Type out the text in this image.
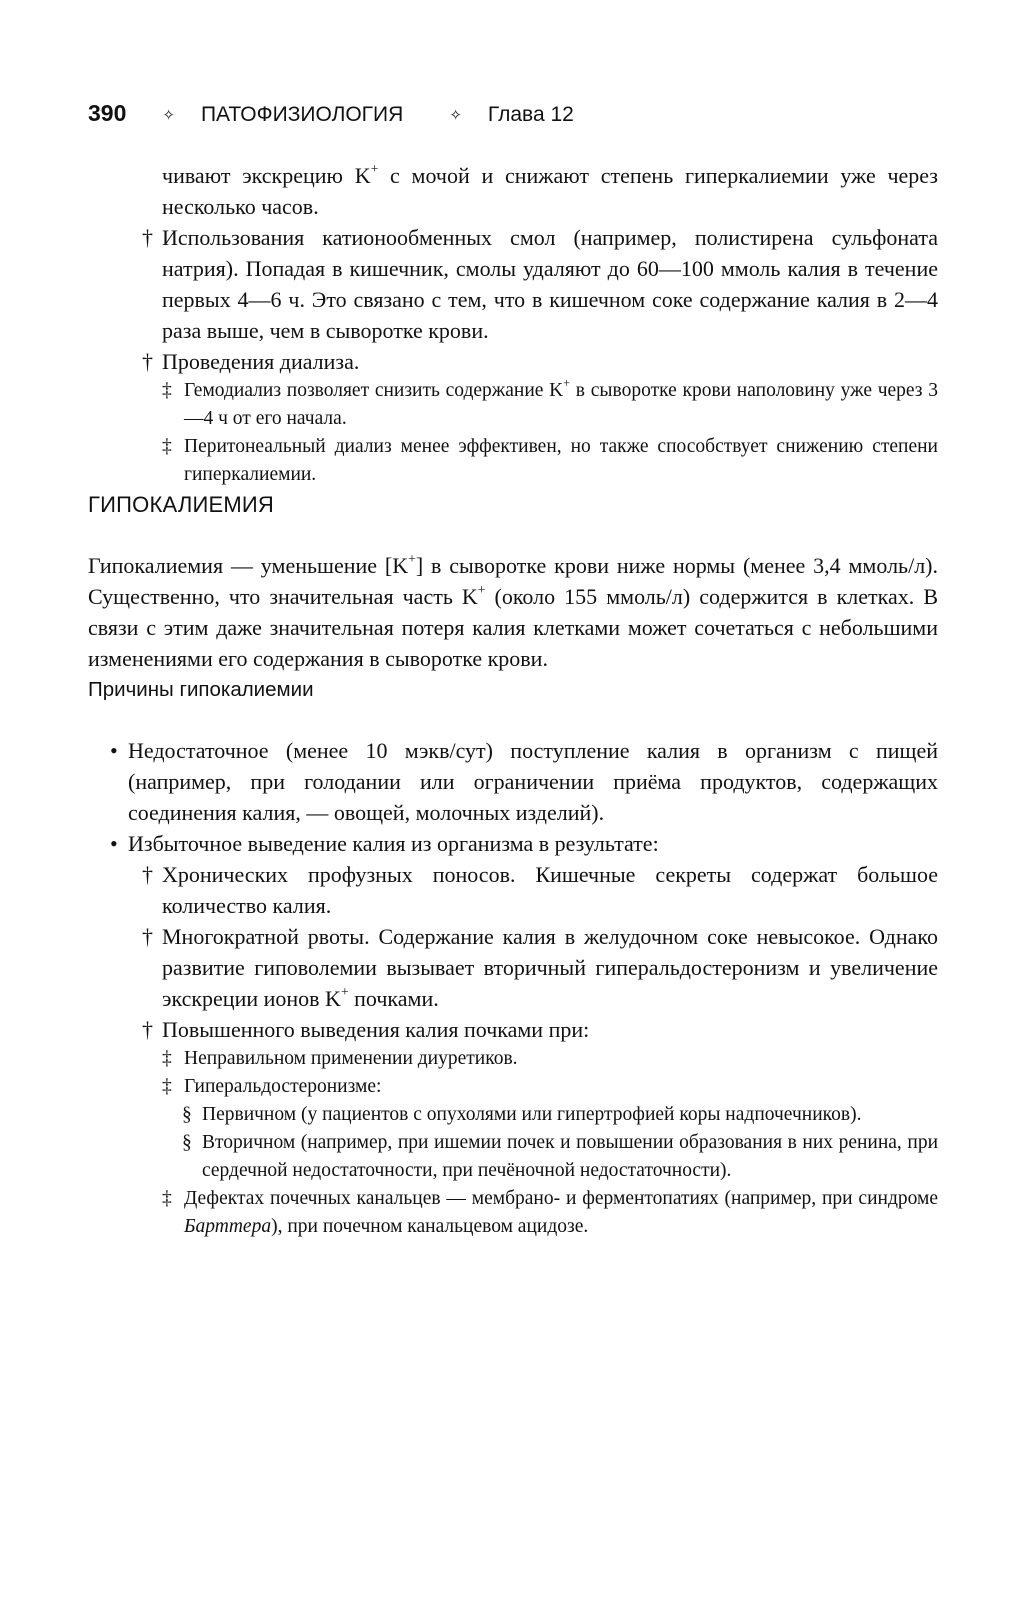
390 ✧ ПАТОФИЗИОЛОГИЯ	✧ Глава 12

чивают экскрецию K+ с мочой и снижают степень гиперкалиемии уже через несколько часов.

† Использования катионообменных смол (например, полистирена сульфоната натрия). Попадая в кишечник, смолы удаляют до 60—100 ммоль калия в течение первых 4—6 ч. Это связано с тем, что в кишечном соке содержание калия в 2—4 раза выше, чем в сыворотке крови.

† Проведения диализа.

‡ Гемодиализ позволяет снизить содержание K+ в сыворотке крови наполовину уже через 3—4 ч от его начала.

‡ Перитонеальный диализ менее эффективен, но также способствует снижению степени гиперкалиемии.

ГИПОКАЛИЕМИЯ

Гипокалиемия — уменьшение [K+] в сыворотке крови ниже нормы (менее 3,4 ммоль/л). Существенно, что значительная часть K+ (около 155 ммоль/л) содержится в клетках. В связи с этим даже значительная потеря калия клетками может сочетаться с небольшими изменениями его содержания в сыворотке крови.

Причины гипокалиемии

• Недостаточное (менее 10 мэкв/сут) поступление калия в организм с пищей (например, при голодании или ограничении приёма продуктов, содержащих соединения калия, — овощей, молочных изделий).

• Избыточное выведение калия из организма в результате:

† Хронических профузных поносов. Кишечные секреты содержат большое количество калия.

† Многократной рвоты. Содержание калия в желудочном соке невысокое. Однако развитие гиповолемии вызывает вторичный гиперальдостеронизм и увеличение экскреции ионов K+ почками.

† Повышенного выведения калия почками при:

‡ Неправильном применении диуретиков.

‡ Гиперальдостеронизме:

§ Первичном (у пациентов с опухолями или гипертрофией коры надпочечников).

§ Вторичном (например, при ишемии почек и повышении образования в них ренина, при сердечной недостаточности, при печёночной недостаточности).

‡ Дефектах почечных канальцев — мембрано- и ферментопатиях (например, при синдроме Барттера), при почечном канальцевом ацидозе.
